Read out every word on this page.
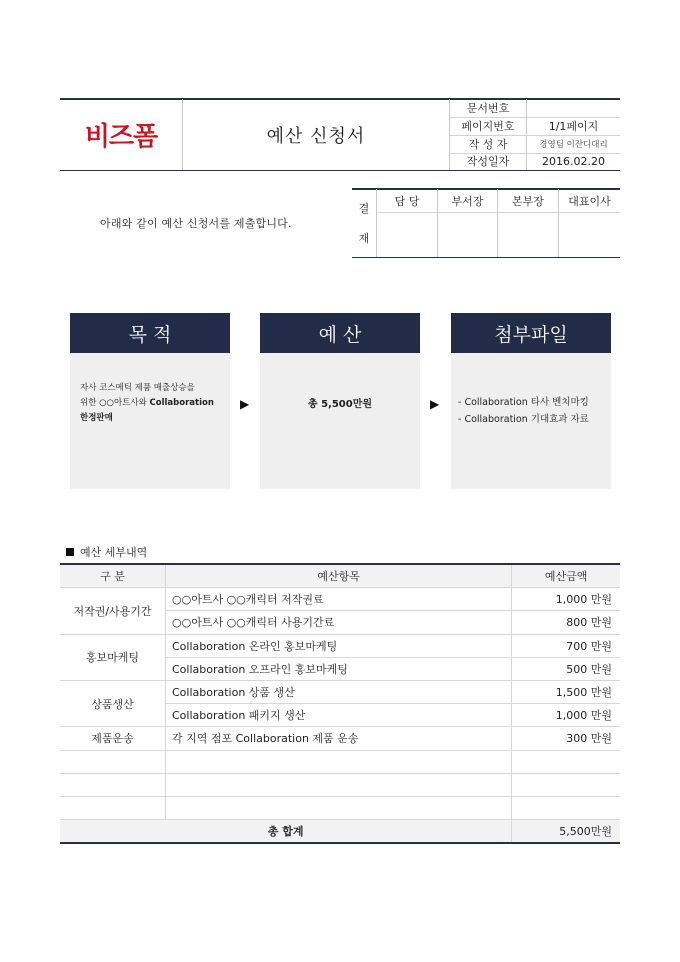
비즈폼	예산 신청서
문서번호
페이지번호	1/1페이지
작 성 자	경영팀 이잔디대리
작성일자	2016.02.20
아래와 같이 예산 신청서를 제출합니다.
결
재
담 당	부서장	본부장	대표이사
목 적
자사 코스메틱 제품 매출상승을
위한 ○○아트사와 Collaboration
한정판매
▶
예 산
총 5,500만원	▶
첨부파일
- Collaboration 타사 벤치마킹
- Collaboration 기대효과 자료
예산 세부내역
구 분	예산항목	예산금액
저작권/사용기간	○○아트사 ○○캐릭터 저작권료	1,000 만원
	○○아트사 ○○캐릭터 사용기간료	800 만원
홍보마케팅	Collaboration 온라인 홍보마케팅	700 만원
	Collaboration 오프라인 홍보마케팅	500 만원
상품생산	Collaboration 상품 생산	1,500 만원
	Collaboration 패키지 생산	1,000 만원
제품운송	각 지역 점포 Collaboration 제품 운송	300 만원

총 합계		5,500만원
